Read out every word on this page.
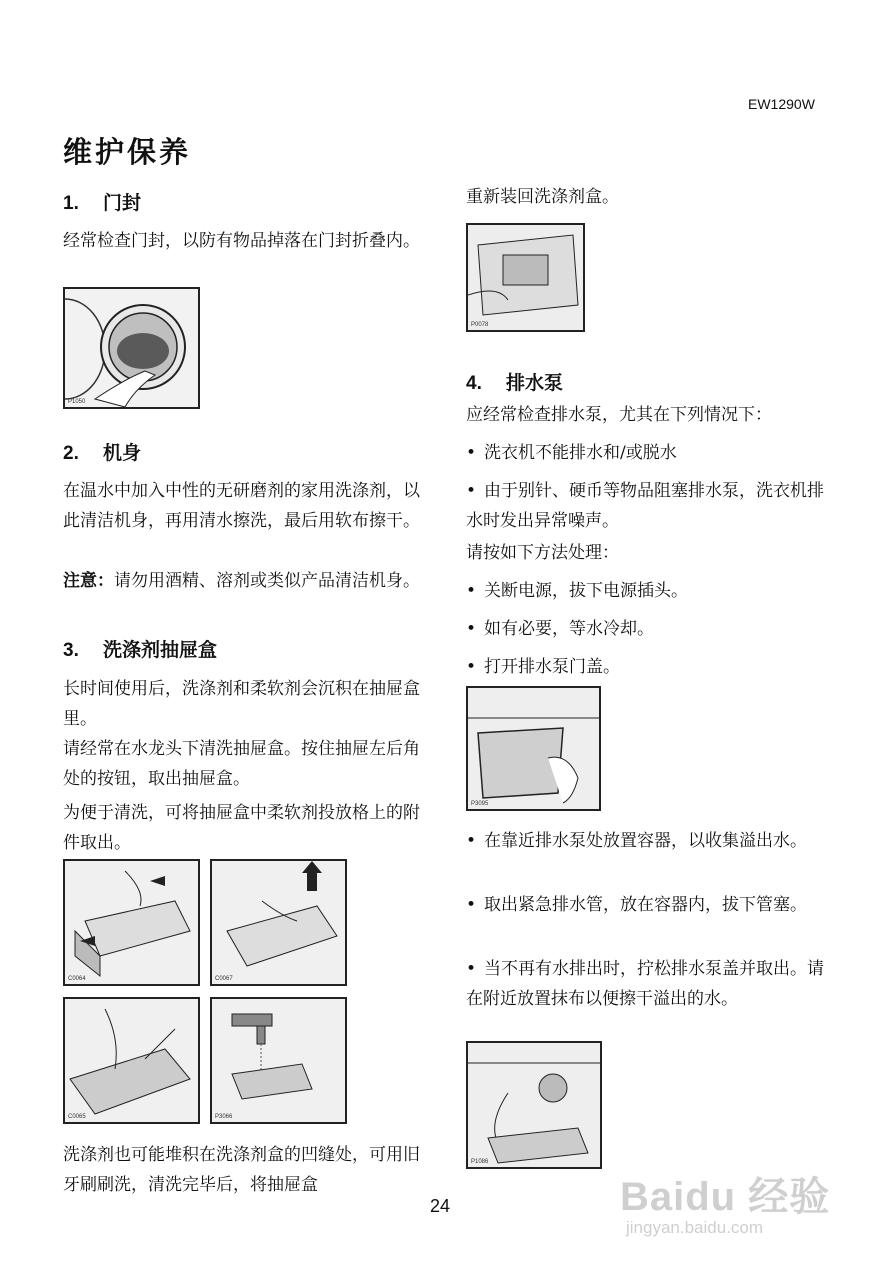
EW1290W
维护保养
1. 门封
经常检查门封，以防有物品掉落在门封折叠内。
P1050
2. 机身
在温水中加入中性的无研磨剂的家用洗涤剂，以此清洁机身，再用清水擦洗，最后用软布擦干。
注意：请勿用酒精、溶剂或类似产品清洁机身。
3. 洗涤剂抽屉盒
长时间使用后，洗涤剂和柔软剂会沉积在抽屉盒里。
请经常在水龙头下清洗抽屉盒。按住抽屉左后角处的按钮，取出抽屉盒。
为便于清洗，可将抽屉盒中柔软剂投放格上的附件取出。
C0064	C0067
C0065	P3066
洗涤剂也可能堆积在洗涤剂盒的凹缝处，可用旧牙刷刷洗，清洗完毕后，将抽屉盒
重新装回洗涤剂盒。
P0078
4. 排水泵
应经常检查排水泵，尤其在下列情况下：
• 洗衣机不能排水和/或脱水
• 由于别针、硬币等物品阻塞排水泵，洗衣机排水时发出异常噪声。
请按如下方法处理：
• 关断电源，拔下电源插头。
• 如有必要，等水冷却。
• 打开排水泵门盖。
P3095
• 在靠近排水泵处放置容器，以收集溢出水。
• 取出紧急排水管，放在容器内，拔下管塞。
• 当不再有水排出时，拧松排水泵盖并取出。请在附近放置抹布以便擦干溢出的水。
P1086
24	Baidu 经验
jingyan.baidu.com
